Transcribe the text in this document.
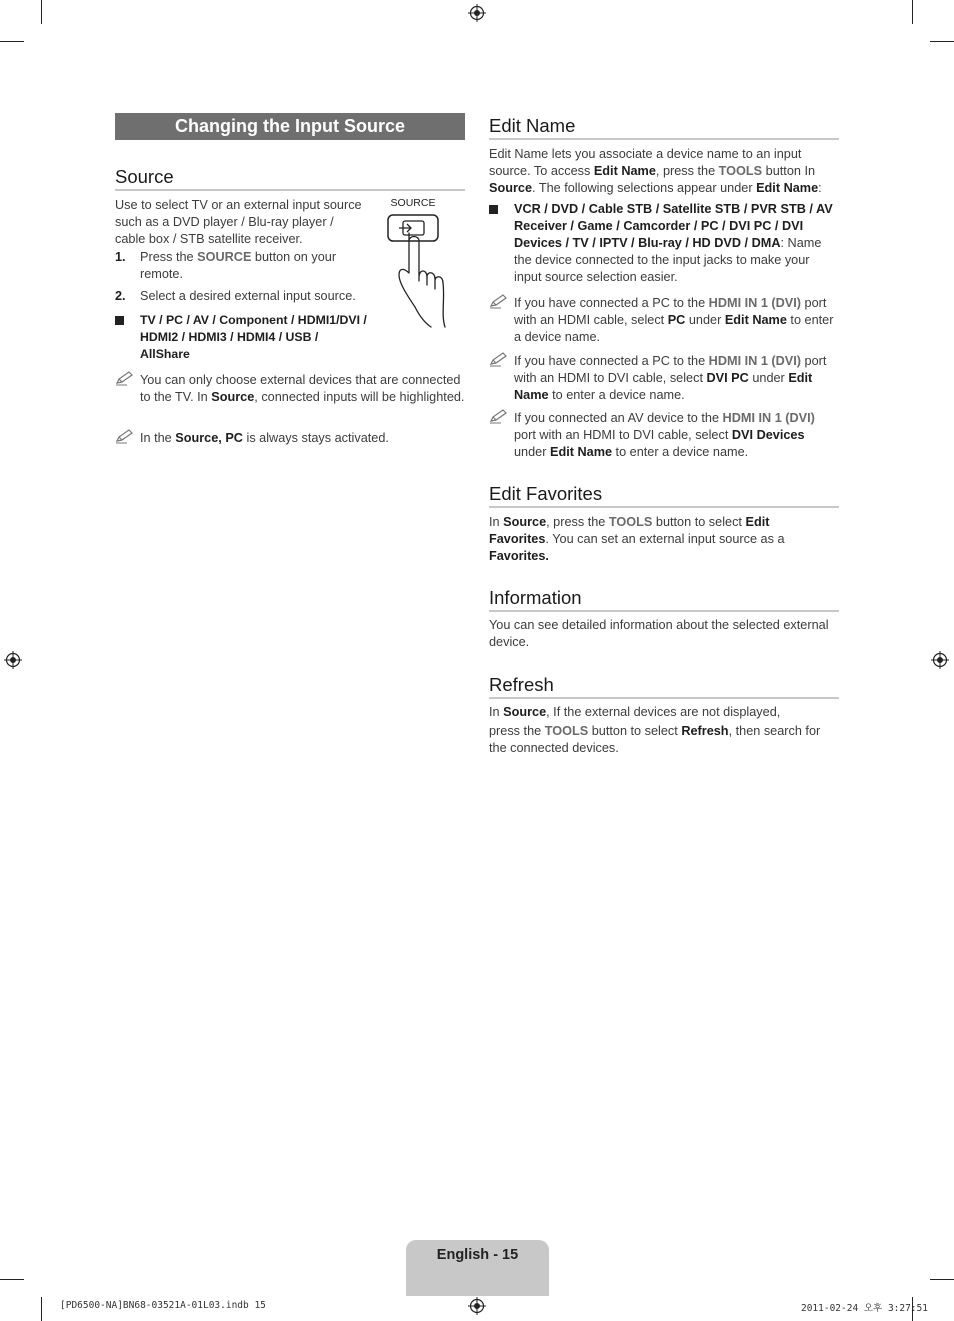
Changing the Input Source
Source

Use to select TV or an external input source such as a DVD player / Blu-ray player / cable box / STB satellite receiver.

SOURCE
1. Press the SOURCE button on your remote.
2. Select a desired external input source.
TV / PC / AV / Component / HDMI1/DVI / HDMI2 / HDMI3 / HDMI4 / USB / AllShare
You can only choose external devices that are connected to the TV. In Source, connected inputs will be highlighted.
In the Source, PC is always stays activated.
Edit Name
Edit Name lets you associate a device name to an input source. To access Edit Name, press the TOOLS button In Source. The following selections appear under Edit Name:
VCR / DVD / Cable STB / Satellite STB / PVR STB / AV Receiver / Game / Camcorder / PC / DVI PC / DVI Devices / TV / IPTV / Blu-ray / HD DVD / DMA: Name the device connected to the input jacks to make your input source selection easier.
If you have connected a PC to the HDMI IN 1 (DVI) port with an HDMI cable, select PC under Edit Name to enter a device name.
If you have connected a PC to the HDMI IN 1 (DVI) port with an HDMI to DVI cable, select DVI PC under Edit Name to enter a device name.
If you connected an AV device to the HDMI IN 1 (DVI) port with an HDMI to DVI cable, select DVI Devices under Edit Name to enter a device name.
Edit Favorites
In Source, press the TOOLS button to select Edit Favorites. You can set an external input source as a Favorites.
Information

You can see detailed information about the selected external device.

Refresh
In Source, If the external devices are not displayed,
press the TOOLS button to select Refresh, then search for the connected devices.
English - 15
[PD6500-NA]BN68-03521A-01L03.indb 15	2011-02-24 오후 3:27:51
